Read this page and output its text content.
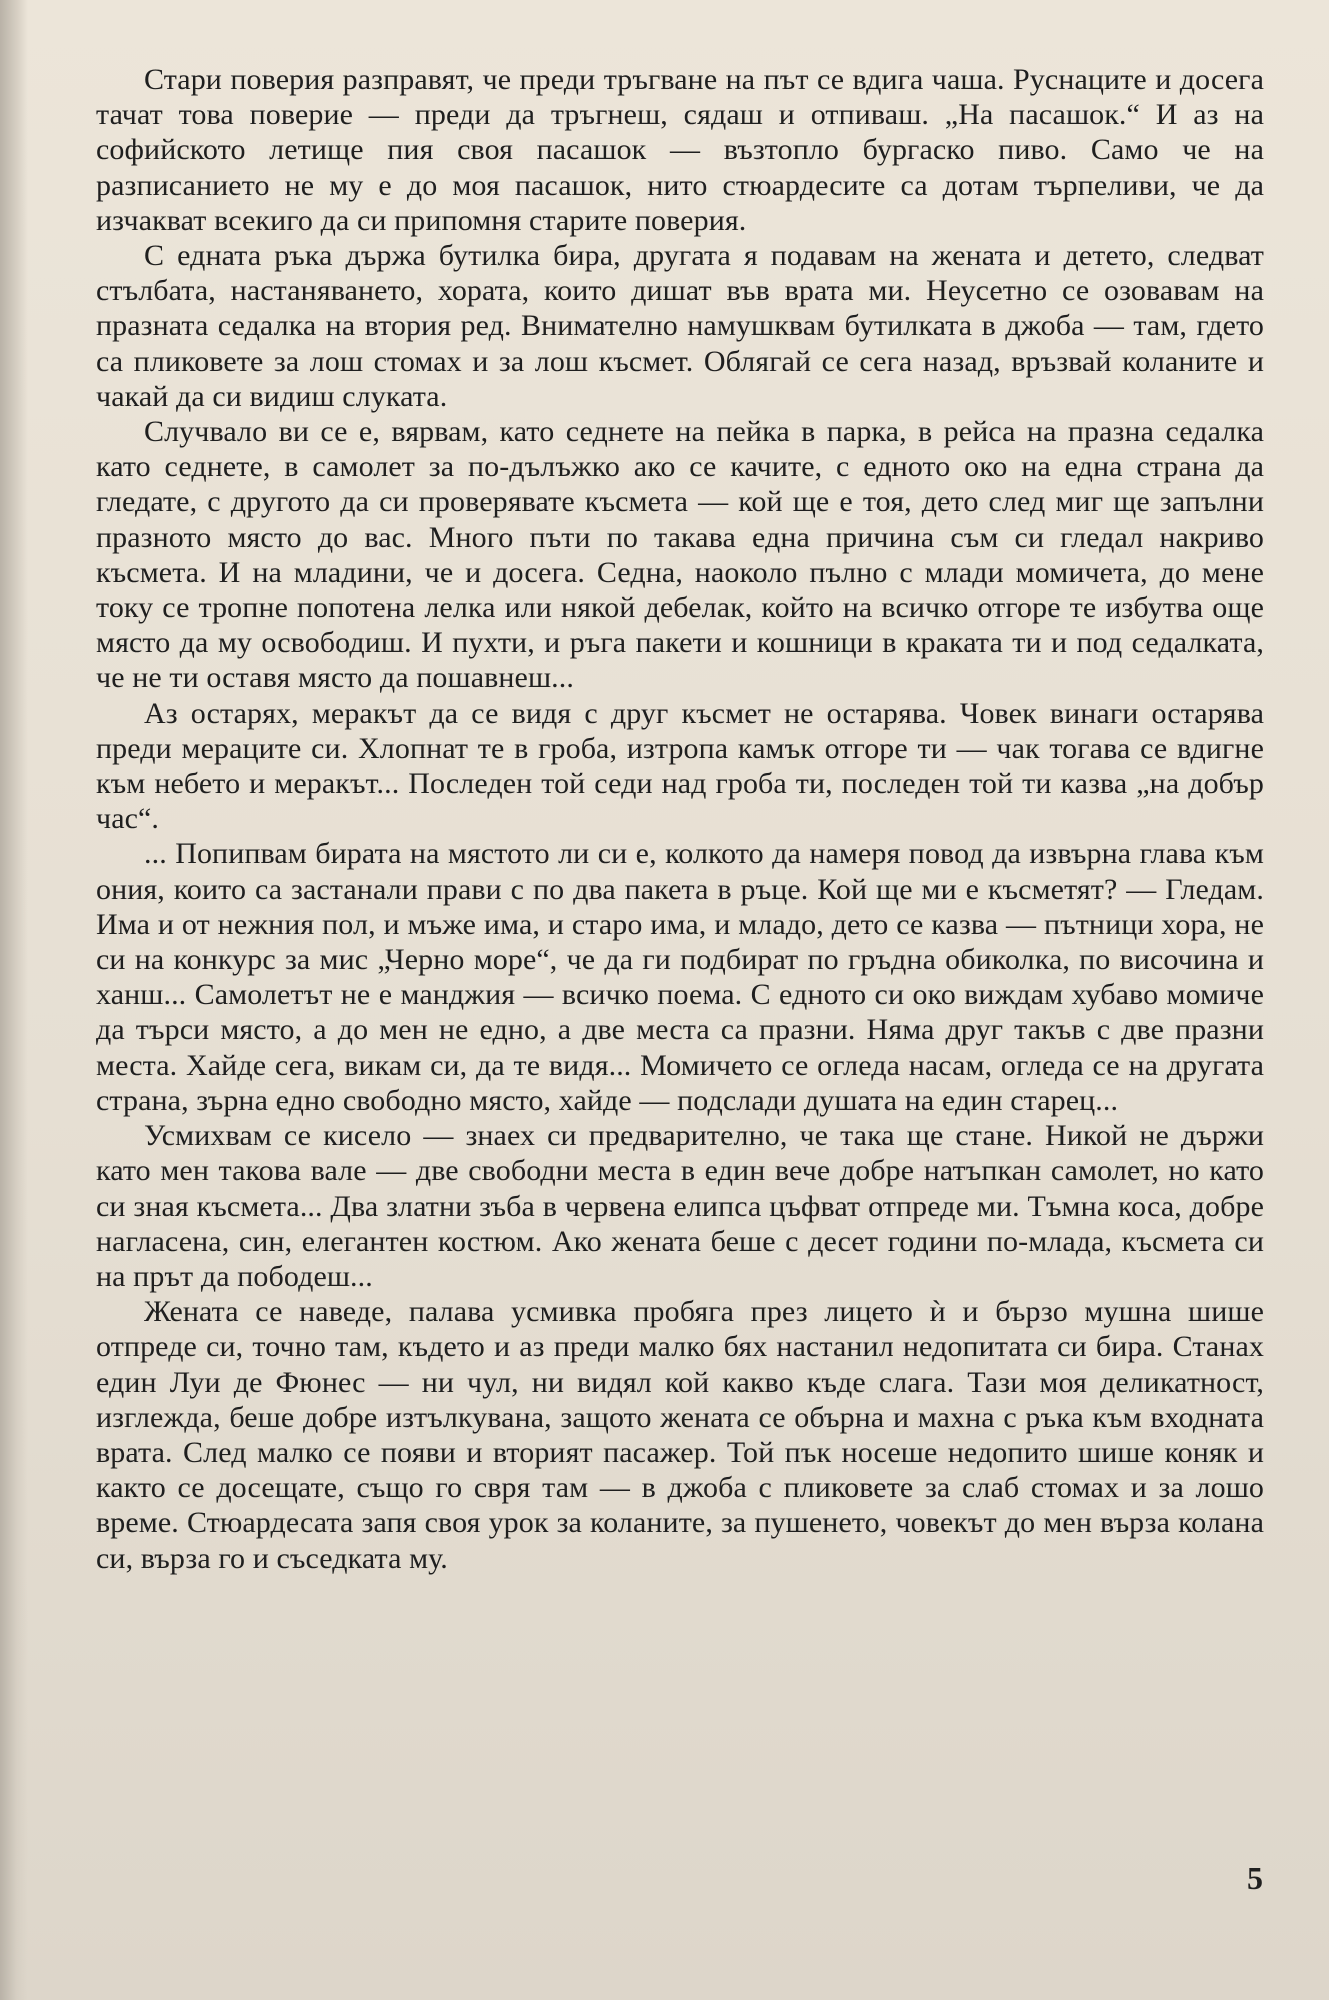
Стари поверия разправят, че преди тръгване на път се вдига чаша. Руснаците и досега тачат това поверие — преди да тръгнеш, сядаш и отпиваш. „На пасашок.“ И аз на софийското летище пия своя пасашок — възтопло бургаско пиво. Само че на разписанието не му е до моя пасашок, нито стюардесите са дотам търпеливи, че да изчакват всекиго да си припомня старите поверия.

С едната ръка държа бутилка бира, другата я подавам на жената и детето, следват стълбата, настаняването, хората, които дишат във врата ми. Неусетно се озовавам на празната седалка на втория ред. Внимателно намушквам бутилката в джоба — там, гдето са пликовете за лош стомах и за лош късмет. Облягай се сега назад, връзвай коланите и чакай да си видиш слуката.

Случвало ви се е, вярвам, като седнете на пейка в парка, в рейса на празна седалка като седнете, в самолет за по-дълъжко ако се качите, с едното око на една страна да гледате, с другото да си проверявате късмета — кой ще е тоя, дето след миг ще запълни празното място до вас. Много пъти по такава една причина съм си гледал накриво късмета. И на младини, че и досега. Седна, наоколо пълно с млади момичета, до мене току се тропне попотена лелка или някой дебелак, който на всичко отгоре те избутва още място да му освободиш. И пухти, и ръга пакети и кошници в краката ти и под седалката, че не ти оставя място да пошавнеш...

Аз остарях, меракът да се видя с друг късмет не остарява. Човек винаги остарява преди мераците си. Хлопнат те в гроба, изтропа камък отгоре ти — чак тогава се вдигне към небето и меракът... Последен той седи над гроба ти, последен той ти казва „на добър час“.

... Попипвам бирата на мястото ли си е, колкото да намеря повод да извърна глава към ония, които са застанали прави с по два пакета в ръце. Кой ще ми е късметят? — Гледам. Има и от нежния пол, и мъже има, и старо има, и младо, дето се казва — пътници хора, не си на конкурс за мис „Черно море“, че да ги подбират по гръдна обиколка, по височина и ханш... Самолетът не е манджия — всичко поема. С едното си око виждам хубаво момиче да търси място, а до мен не едно, а две места са празни. Няма друг такъв с две празни места. Хайде сега, викам си, да те видя... Момичето се огледа насам, огледа се на другата страна, зърна едно свободно място, хайде — подслади душата на един старец...

Усмихвам се кисело — знаех си предварително, че така ще стане. Никой не държи като мен такова вале — две свободни места в един вече добре натъпкан самолет, но като си зная късмета... Два златни зъба в червена елипса цъфват отпреде ми. Тъмна коса, добре нагласена, син, елегантен костюм. Ако жената беше с десет години по-млада, късмета си на прът да пободеш...

Жената се наведе, палава усмивка пробяга през лицето ѝ и бързо мушна шише отпреде си, точно там, където и аз преди малко бях настанил недопитата си бира. Станах един Луи де Фюнес — ни чул, ни видял кой какво къде слага. Тази моя деликатност, изглежда, беше добре изтълкувана, защото жената се обърна и махна с ръка към входната врата. След малко се появи и вторият пасажер. Той пък носеше недопито шише коняк и както се досещате, също го свря там — в джоба с пликовете за слаб стомах и за лошо време. Стюардесата запя своя урок за коланите, за пушенето, човекът до мен върза колана си, върза го и съседката му.

5
